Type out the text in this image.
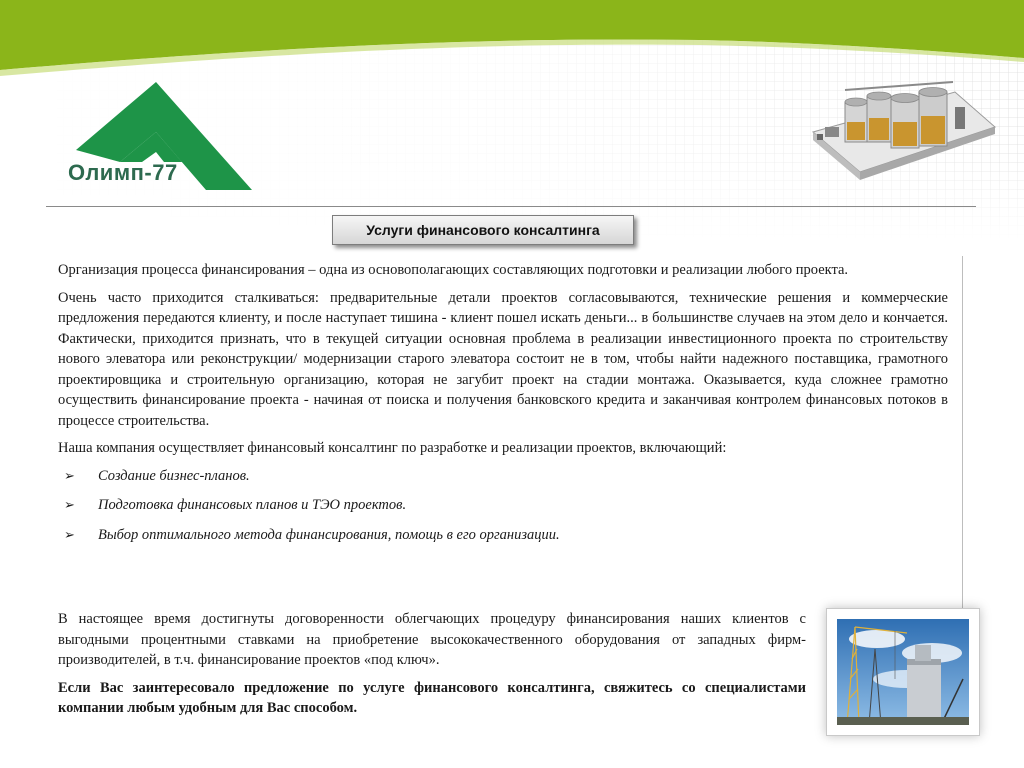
Олимп-77
Услуги финансового консалтинга

Организация процесса финансирования – одна из основополагающих составляющих подготовки и реализации любого проекта.

Очень часто приходится сталкиваться: предварительные детали проектов согласовываются, технические решения и коммерческие предложения передаются клиенту, и после наступает тишина - клиент пошел искать деньги... в большинстве случаев на этом дело и кончается. Фактически, приходится признать, что в текущей ситуации основная проблема в реализации инвестиционного проекта по строительству нового элеватора или реконструкции/ модернизации старого элеватора состоит не в том, чтобы найти надежного поставщика, грамотного проектировщика и строительную организацию, которая не загубит проект на стадии монтажа. Оказывается, куда сложнее грамотно осуществить финансирование проекта - начиная от поиска и получения банковского кредита и заканчивая контролем финансовых потоков в процессе строительства.

Наша компания осуществляет финансовый консалтинг по разработке и реализации проектов, включающий:

➢ Создание бизнес-планов.
➢ Подготовка финансовых планов и ТЭО проектов.
➢ Выбор оптимального метода финансирования, помощь в его организации.

В настоящее время достигнуты договоренности облегчающих процедуру финансирования наших клиентов с выгодными процентными ставками на приобретение высококачественного оборудования от западных фирм-производителей, в т.ч. финансирование проектов «под ключ».

Если Вас заинтересовало предложение по услуге финансового консалтинга, свяжитесь со специалистами компании любым удобным для Вас способом.
